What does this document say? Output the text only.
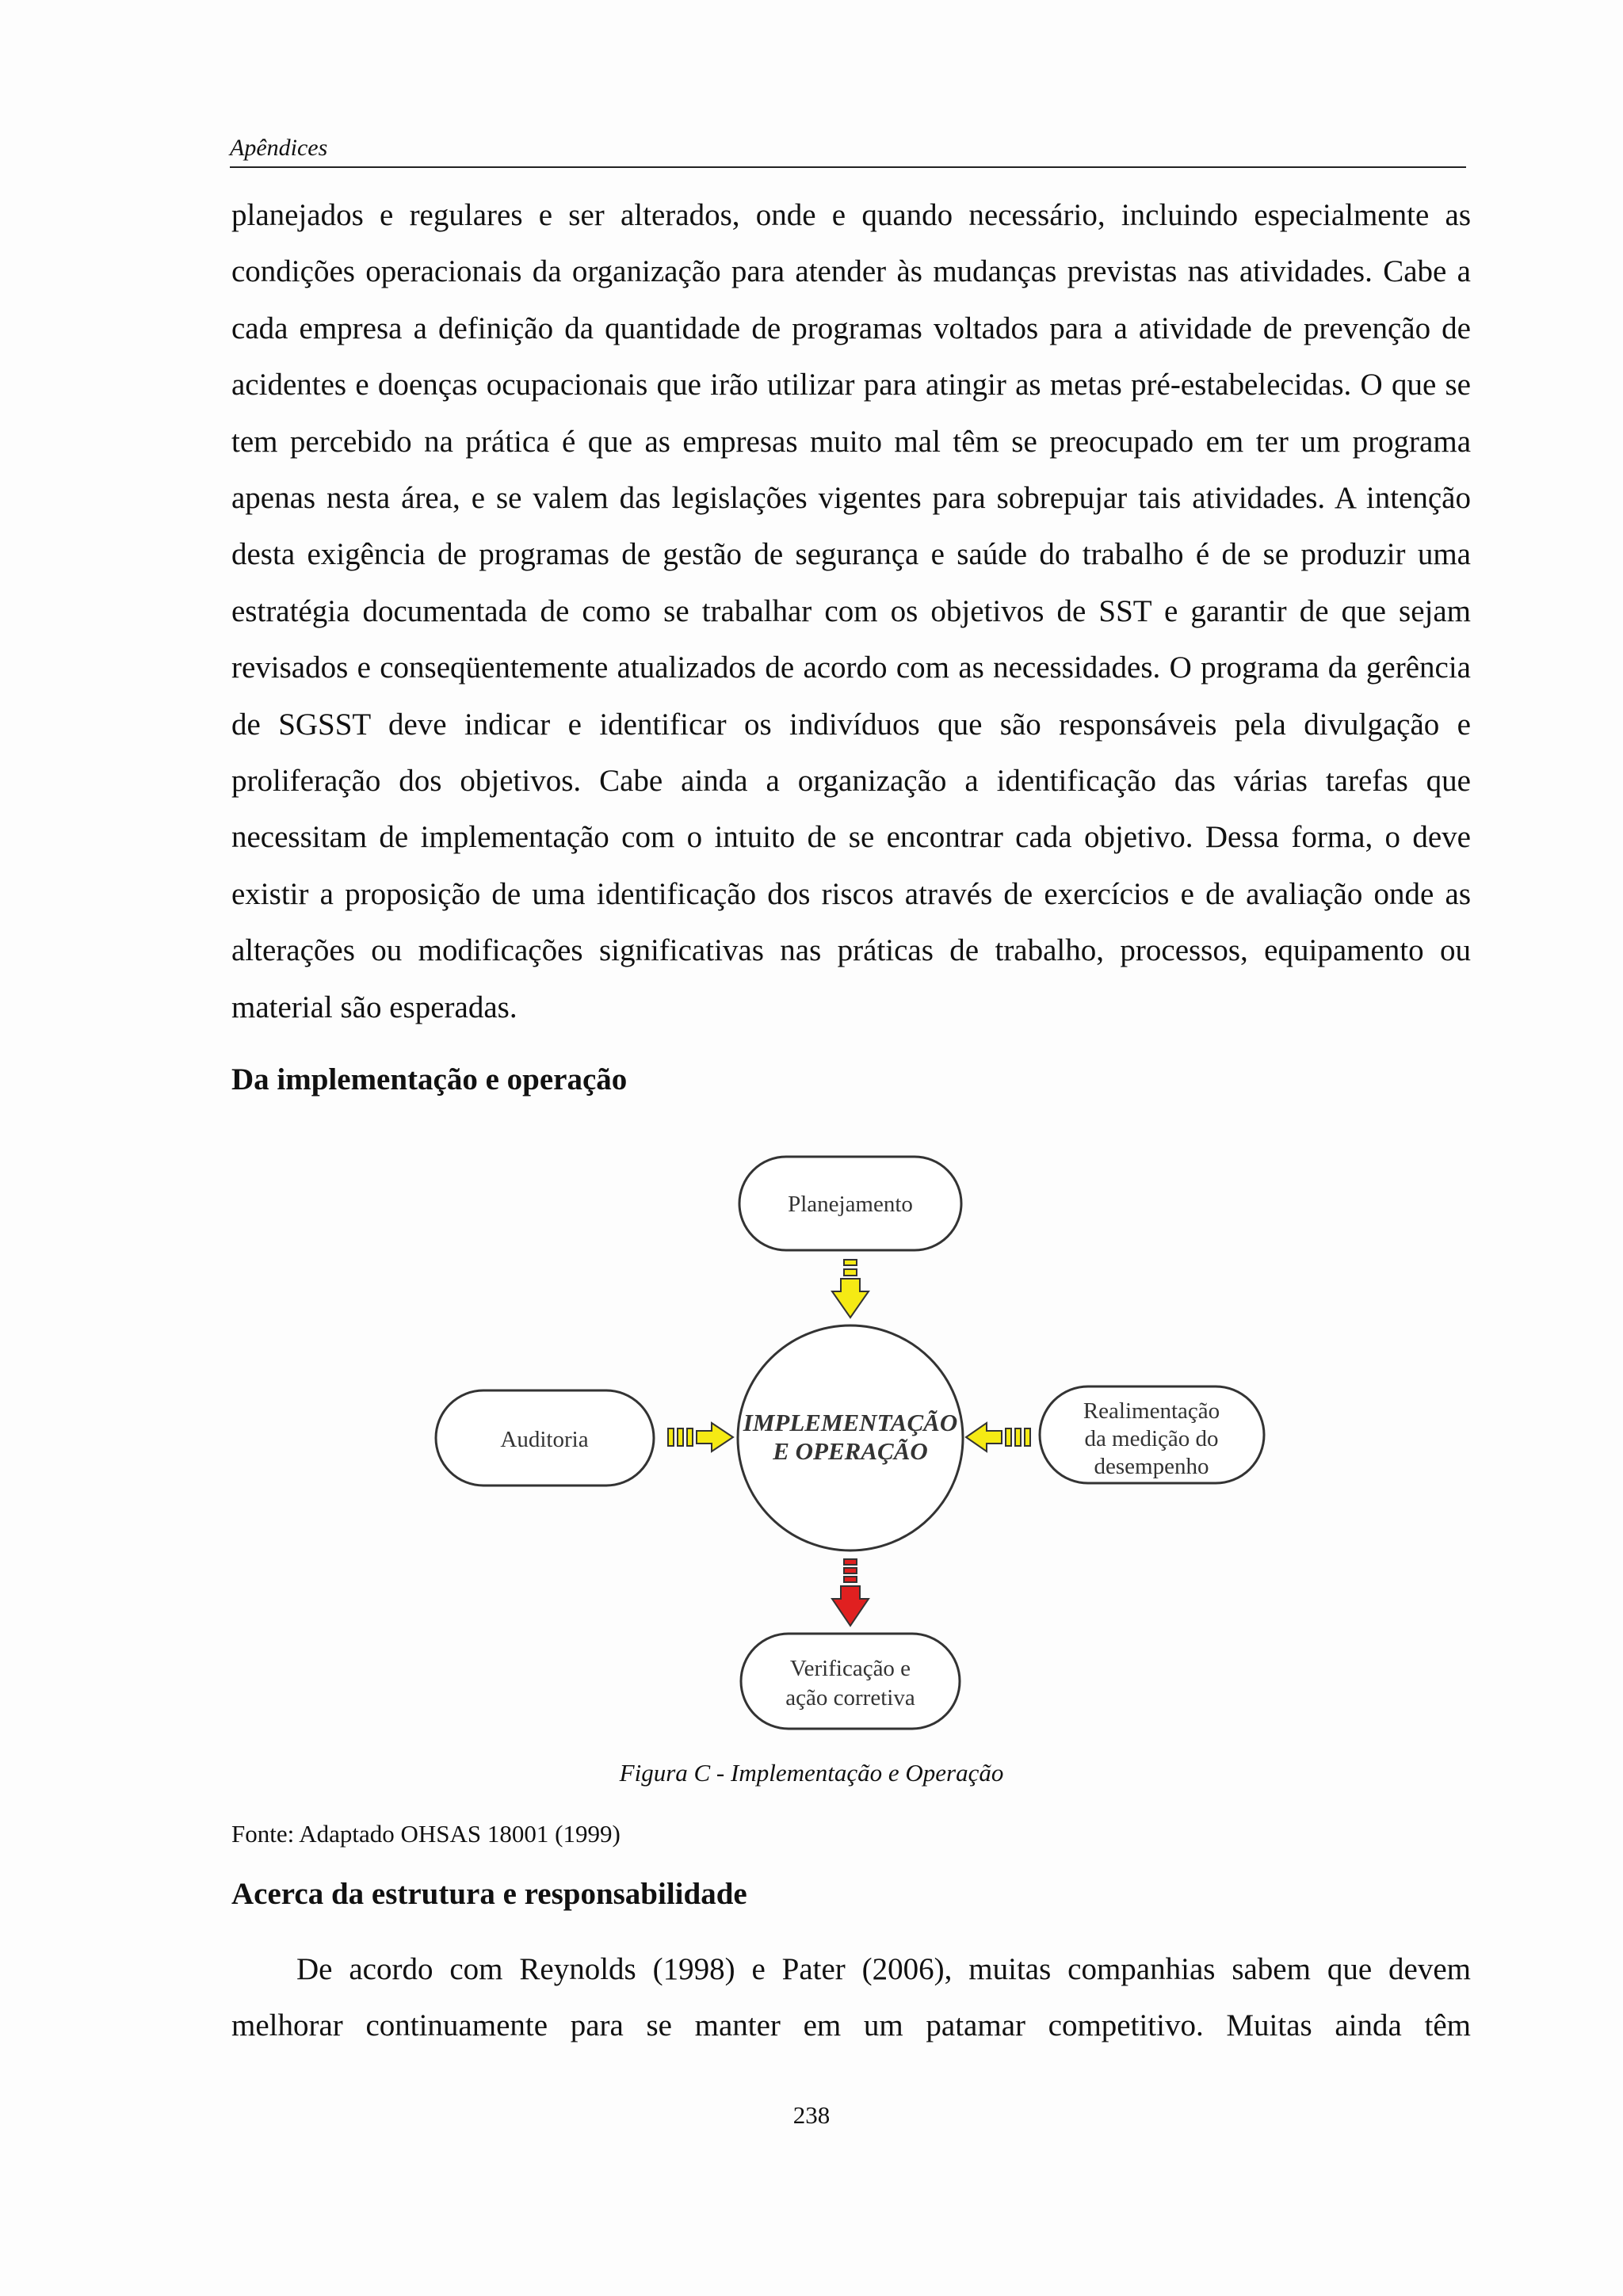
Apêndices

planejados e regulares e ser alterados, onde e quando necessário, incluindo especialmente as condições operacionais da organização para atender às mudanças previstas nas atividades. Cabe a cada empresa a definição da quantidade de programas voltados para a atividade de prevenção de acidentes e doenças ocupacionais que irão utilizar para atingir as metas pré-estabelecidas. O que se tem percebido na prática é que as empresas muito mal têm se preocupado em ter um programa apenas nesta área, e se valem das legislações vigentes para sobrepujar tais atividades. A intenção desta exigência de programas de gestão de segurança e saúde do trabalho é de se produzir uma estratégia documentada de como se trabalhar com os objetivos de SST e garantir de que sejam revisados e conseqüentemente atualizados de acordo com as necessidades. O programa da gerência de SGSST deve indicar e identificar os indivíduos que são responsáveis pela divulgação e proliferação dos objetivos. Cabe ainda a organização a identificação das várias tarefas que necessitam de implementação com o intuito de se encontrar cada objetivo. Dessa forma, o deve existir a proposição de uma identificação dos riscos através de exercícios e de avaliação onde as alterações ou modificações significativas nas práticas de trabalho, processos, equipamento ou material são esperadas.

Da implementação e operação
Planejamento
IMPLEMENTAÇÃO
E OPERAÇÃO
Auditoria
Realimentação
da medição do
desempenho
Verificação e
ação corretiva
Figura C - Implementação e Operação
Fonte: Adaptado OHSAS 18001 (1999)
Acerca da estrutura e responsabilidade

De acordo com Reynolds (1998) e Pater (2006), muitas companhias sabem que devem melhorar continuamente para se manter em um patamar competitivo. Muitas ainda têm

238
